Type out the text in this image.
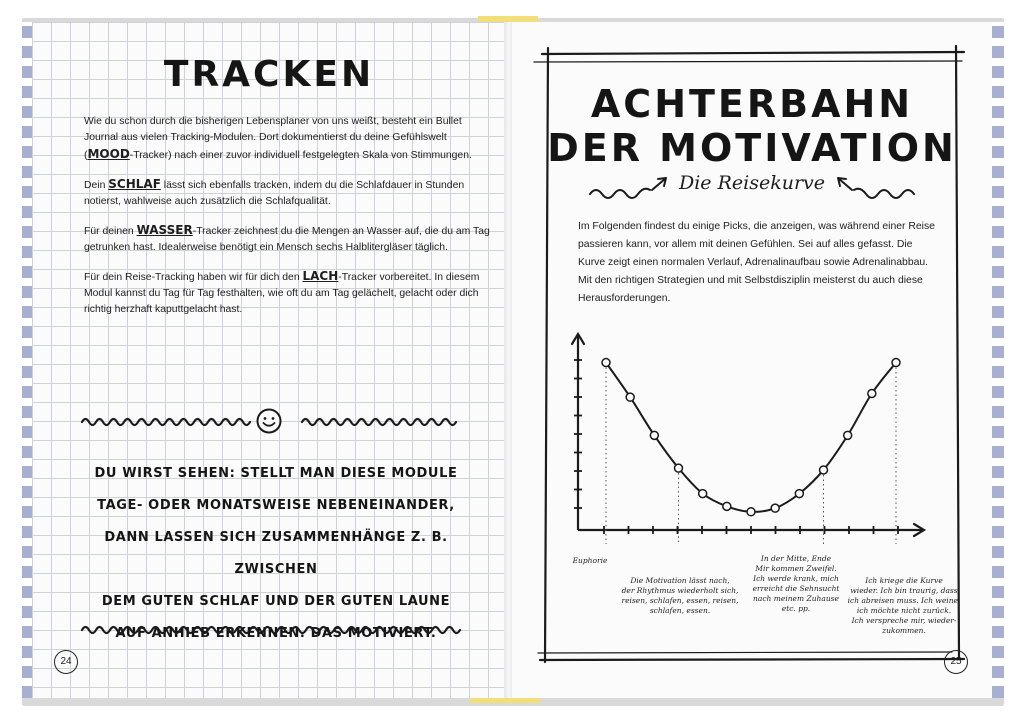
TRACKEN

Wie du schon durch die bisherigen Lebensplaner von uns weißt, besteht ein Bullet Journal aus vielen Tracking-Modulen. Dort dokumentierst du deine Gefühlswelt (MOOD-Tracker) nach einer zuvor individuell festgelegten Skala von Stimmungen.

Dein SCHLAF lässt sich ebenfalls tracken, indem du die Schlafdauer in Stunden notierst, wahlweise auch zusätzlich die Schlafqualität.

Für deinen WASSER-Tracker zeichnest du die Mengen an Wasser auf, die du am Tag getrunken hast. Idealerweise benötigt ein Mensch sechs Halblitergläser täglich.

Für dein Reise-Tracking haben wir für dich den LACH-Tracker vorbereitet. In diesem Modul kannst du Tag für Tag festhalten, wie oft du am Tag gelächelt, gelacht oder dich richtig herzhaft kaputtgelacht hast.

DU WIRST SEHEN: STELLT MAN DIESE MODULE
TAGE- ODER MONATSWEISE NEBENEINANDER,
DANN LASSEN SICH ZUSAMMENHÄNGE Z. B. ZWISCHEN
DEM GUTEN SCHLAF UND DER GUTEN LAUNE
AUF ANHIEB ERKENNEN. DAS MOTIVIERT.
24
ACHTERBAHN
DER MOTIVATION
Die Reisekurve
Im Folgenden findest du einige Picks, die anzeigen, was während einer Reise passieren kann, vor allem mit deinen Gefühlen. Sei auf alles gefasst. Die Kurve zeigt einen normalen Verlauf, Adrenalinaufbau sowie Adrenalinabbau. Mit den richtigen Strategien und mit Selbstdisziplin meisterst du auch diese Herausforderungen.
Euphorie
Die Motivation lässt nach,
der Rhythmus wiederholt sich,
reisen, schlafen, essen, reisen,
schlafen, essen.
In der Mitte, Ende
Mir kommen Zweifel.
Ich werde krank, mich
erreicht die Sehnsucht
nach meinem Zuhause
etc. pp.
Ich kriege die Kurve
wieder. Ich bin traurig, dass
ich abreisen muss. Ich weine,
ich möchte nicht zurück.
Ich verspreche mir, wieder-
zukommen.
25
